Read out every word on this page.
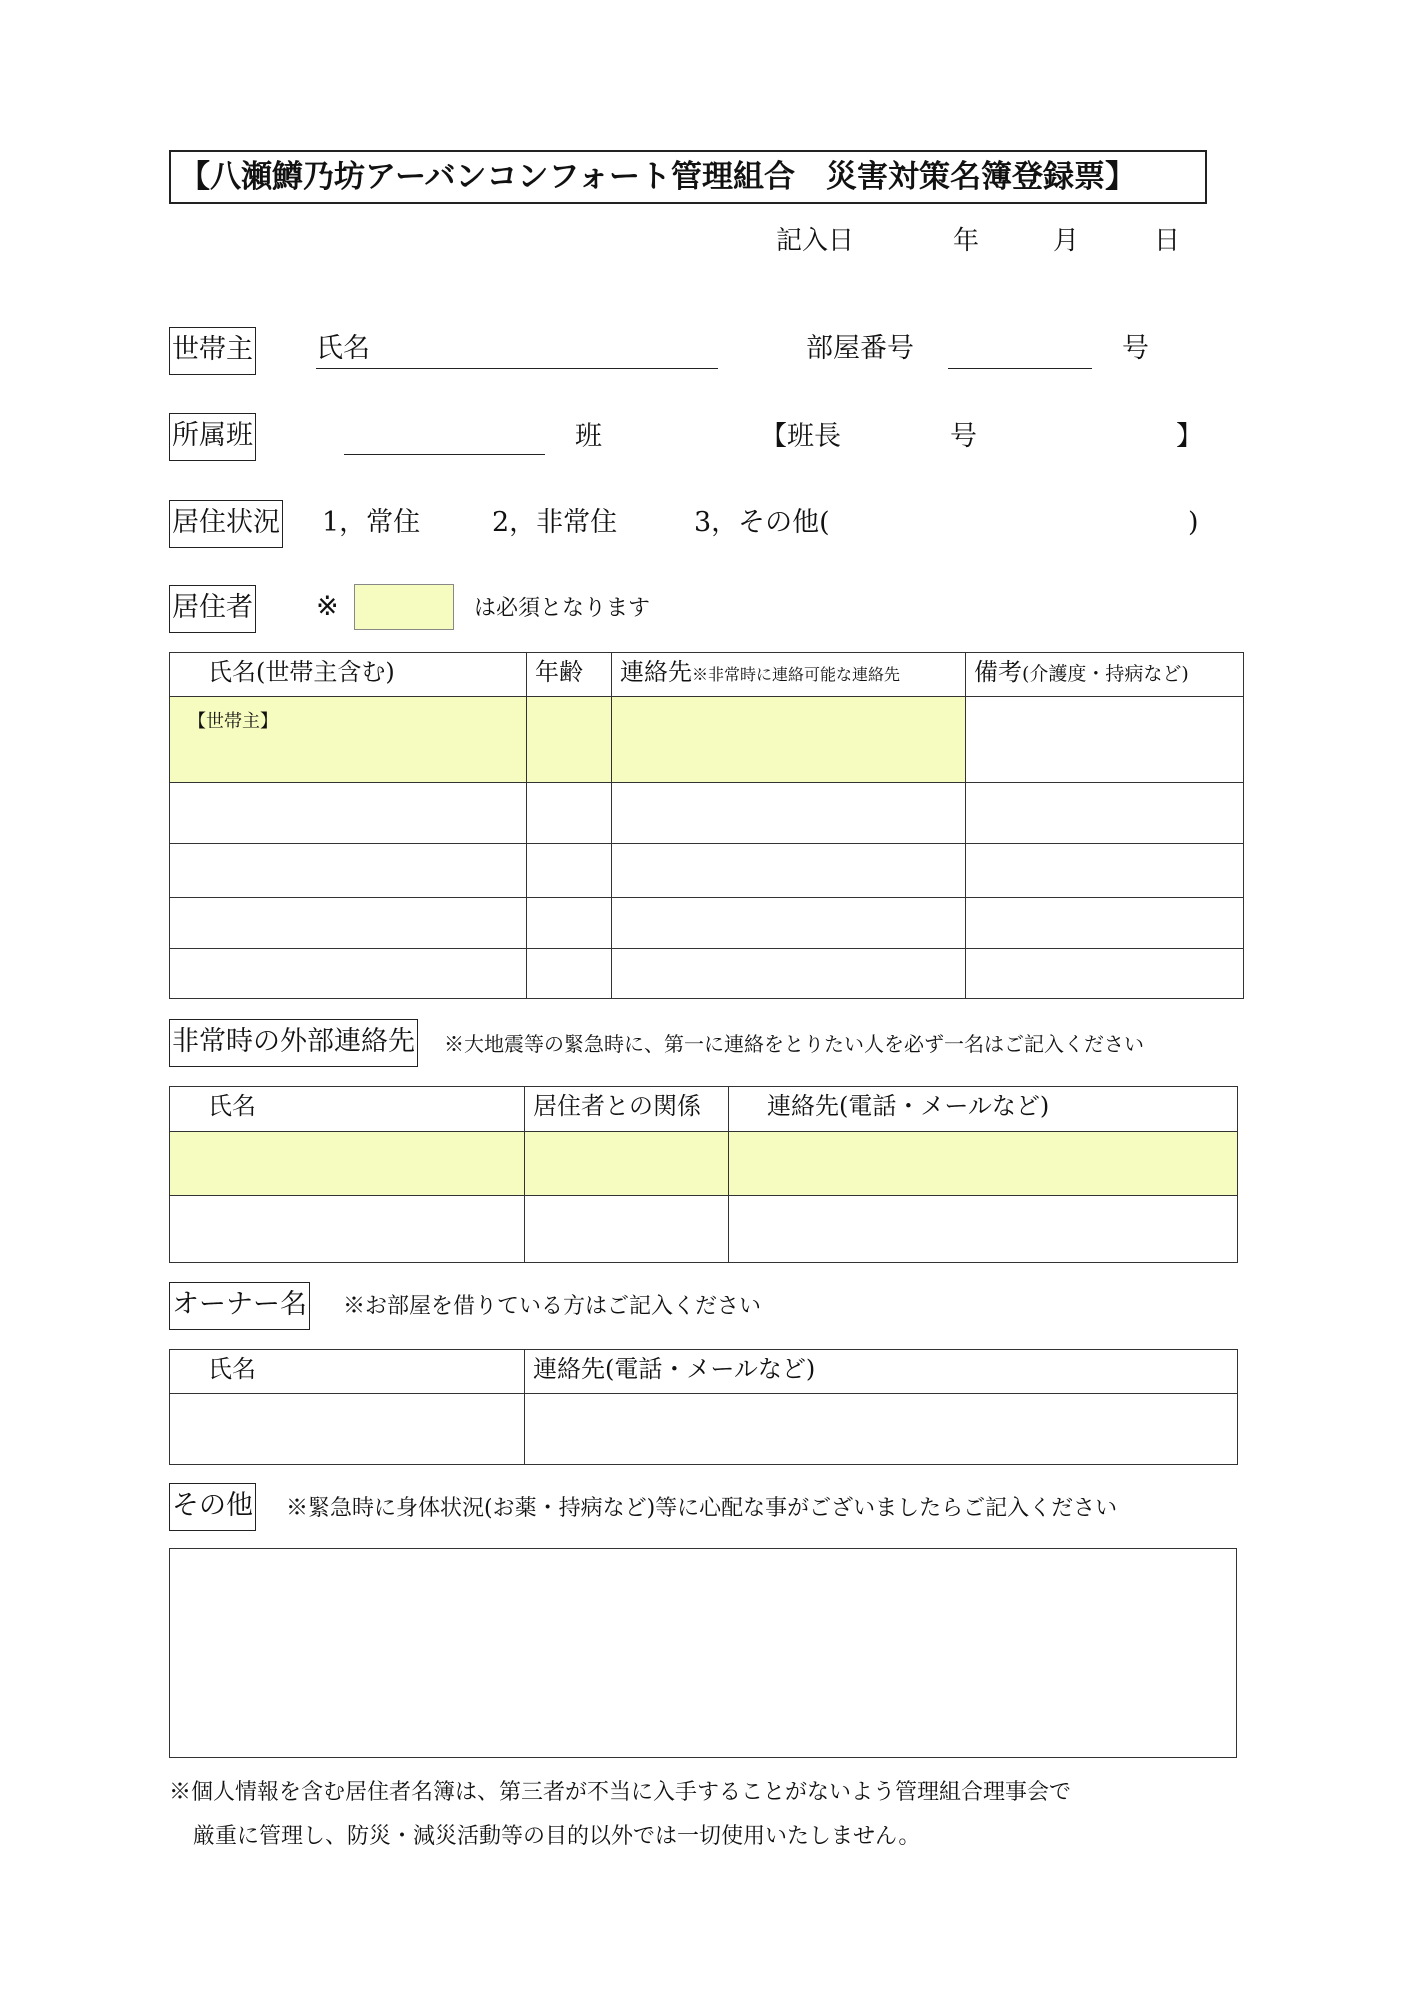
【八瀬鱒乃坊アーバンコンフォート管理組合　災害対策名簿登録票】
記入日	年	月	日
世帯主 氏名	部屋番号	号
所属班	班	【班長	号	】
居住状況 1，常住	2，非常住	3，その他(	)
居住者 ※	は必須となります
氏名(世帯主含む)	年齢	連絡先※非常時に連絡可能な連絡先	備考(介護度・持病など)

【世帯主】			

非常時の外部連絡先 ※大地震等の緊急時に、第一に連絡をとりたい人を必ず一名はご記入ください
氏名	居住者との関係	連絡先(電話・メールなど)

オーナー名 ※お部屋を借りている方はご記入ください
氏名	連絡先(電話・メールなど)

その他 ※緊急時に身体状況(お薬・持病など)等に心配な事がございましたらご記入ください
※個人情報を含む居住者名簿は、第三者が不当に入手することがないよう管理組合理事会で
厳重に管理し、防災・減災活動等の目的以外では一切使用いたしません。
